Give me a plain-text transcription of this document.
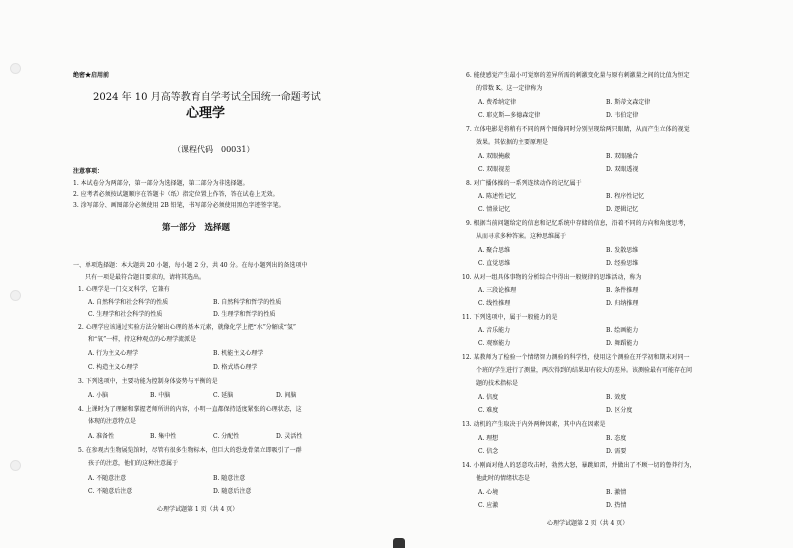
绝密★启用前
2024 年 10 月高等教育自学考试全国统一命题考试
心理学
（课程代码　00031）
注意事项：
1. 本试卷分为两部分，第一部分为选择题，第二部分为非选择题。
2. 应考者必须按试题顺序在答题卡（纸）指定位置上作答，答在试卷上无效。
3. 涂写部分、画图部分必须使用 2B 铅笔，书写部分必须使用黑色字迹签字笔。
第一部分　选择题
一、单项选择题：本大题共 20 小题，每小题 2 分，共 40 分。在每小题列出的备选项中
　　只有一项是最符合题目要求的，请将其选出。
1. 心理学是一门交叉科学，它兼有
A. 自然科学和社会科学的性质	B. 自然科学和哲学的性质
C. 生理学和社会科学的性质	D. 生理学和哲学的性质
2. 心理学应该通过实验方法分解出心理的基本元素，就像化学上把“水”分解成“氢”
和“氧”一样，持这种观点的心理学流派是
A. 行为主义心理学	B. 机能主义心理学
C. 构造主义心理学	D. 格式塔心理学
3. 下列选项中，主要功能为控制身体姿势与平衡的是
A. 小脑	B. 中脑	C. 延脑	D. 间脑
4. 上课时为了理解和掌握老师所讲的内容，小明一直都保持适度紧张的心理状态，这
体现的注意特点是
A. 准备性	B. 集中性	C. 分配性	D. 灵活性
5. 在参观古生物展览馆时，尽管有很多生物标本，但巨大的恐龙骨架立即吸引了一群
孩子的注意，他们的这种注意属于
A. 不随意注意	B. 随意注意
C. 不随意后注意	D. 随意后注意
心理学试题第 1 页（共 4 页）
6. 能使感觉产生最小可觉察的差异所需的刺激变化量与原有刺激量之间的比值为恒定
的常数 K。这一定律称为
A. 费希纳定律	B. 斯蒂文森定律
C. 耶克斯—多德森定律	D. 韦伯定律
7. 立体电影是将稍有不同的两个图像同时分别呈现给两只眼睛，从而产生立体的视觉
效果。其依据的主要原理是
A. 双眼掩蔽	B. 双眼融合
C. 双眼视差	D. 双眼透视
8. 对广播体操的一系列连续动作的记忆属于
A. 陈述性记忆	B. 程序性记忆
C. 情景记忆	D. 逻辑记忆
9. 根据当前问题给定的信息和记忆系统中存储的信息，沿着不同的方向和角度思考，
从而寻求多种答案。这种思维属于
A. 聚合思维	B. 发散思维
C. 直觉思维	D. 经验思维
10. 从对一组具体事物的分析综合中得出一般规律的思维活动，称为
A. 三段论推理	B. 条件推理
C. 线性推理	D. 归纳推理
11. 下列选项中，属于一般能力的是
A. 音乐能力	B. 绘画能力
C. 观察能力	D. 舞蹈能力
12. 某教师为了检验一个情绪智力测验的科学性，使用这个测验在开学初和期末对同一
个班的学生进行了测量，两次得到的结果却有较大的差异。该测验最有可能存在问
题的技术指标是
A. 信度	B. 效度
C. 难度	D. 区分度
13. 动机的产生取决于内外两种因素，其中内在因素是
A. 理想	B. 态度
C. 信念	D. 需要
14. 小刚面对他人的恶意攻击时，勃然大怒，暴跳如雷，并做出了不顾一切的鲁莽行为，
他此时的情绪状态是
A. 心境	B. 激情
C. 应激	D. 热情
心理学试题第 2 页（共 4 页）
